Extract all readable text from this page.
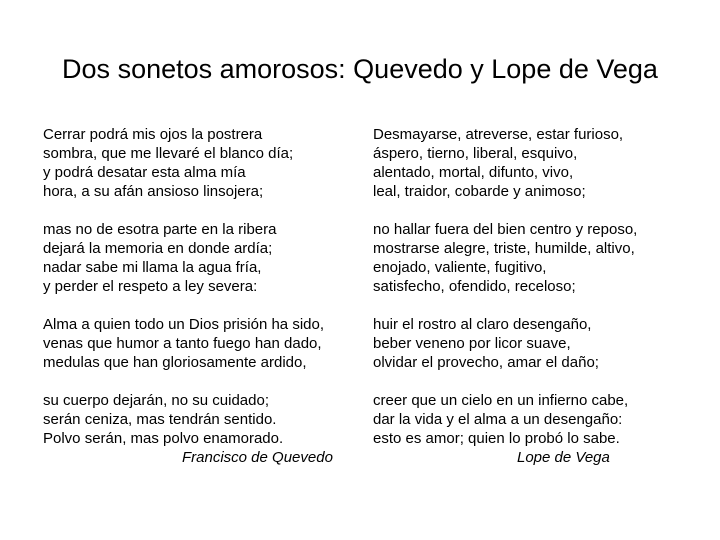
Dos sonetos amorosos: Quevedo y Lope de Vega
Cerrar podrá mis ojos la postrera
sombra, que me llevaré el blanco día;
y podrá desatar esta alma mía
hora, a su afán ansioso linsojera;
mas no de esotra parte en la ribera
dejará la memoria en donde ardía;
nadar sabe mi llama la agua fría,
y perder el respeto a ley severa:
Alma a quien todo un Dios prisión ha sido,
venas que humor a tanto fuego han dado,
medulas que han gloriosamente ardido,
su cuerpo dejarán, no su cuidado;
serán ceniza, mas tendrán sentido.
Polvo serán, mas polvo enamorado.
Francisco de Quevedo
Desmayarse, atreverse, estar furioso,
áspero, tierno, liberal, esquivo,
alentado, mortal, difunto, vivo,
leal, traidor, cobarde y animoso;
no hallar fuera del bien centro y reposo,
mostrarse alegre, triste, humilde, altivo,
enojado, valiente, fugitivo,
satisfecho, ofendido, receloso;
huir el rostro al claro desengaño,
beber veneno por licor suave,
olvidar el provecho, amar el daño;
creer que un cielo en un infierno cabe,
dar la vida y el alma a un desengaño:
esto es amor; quien lo probó lo sabe.
Lope de Vega
